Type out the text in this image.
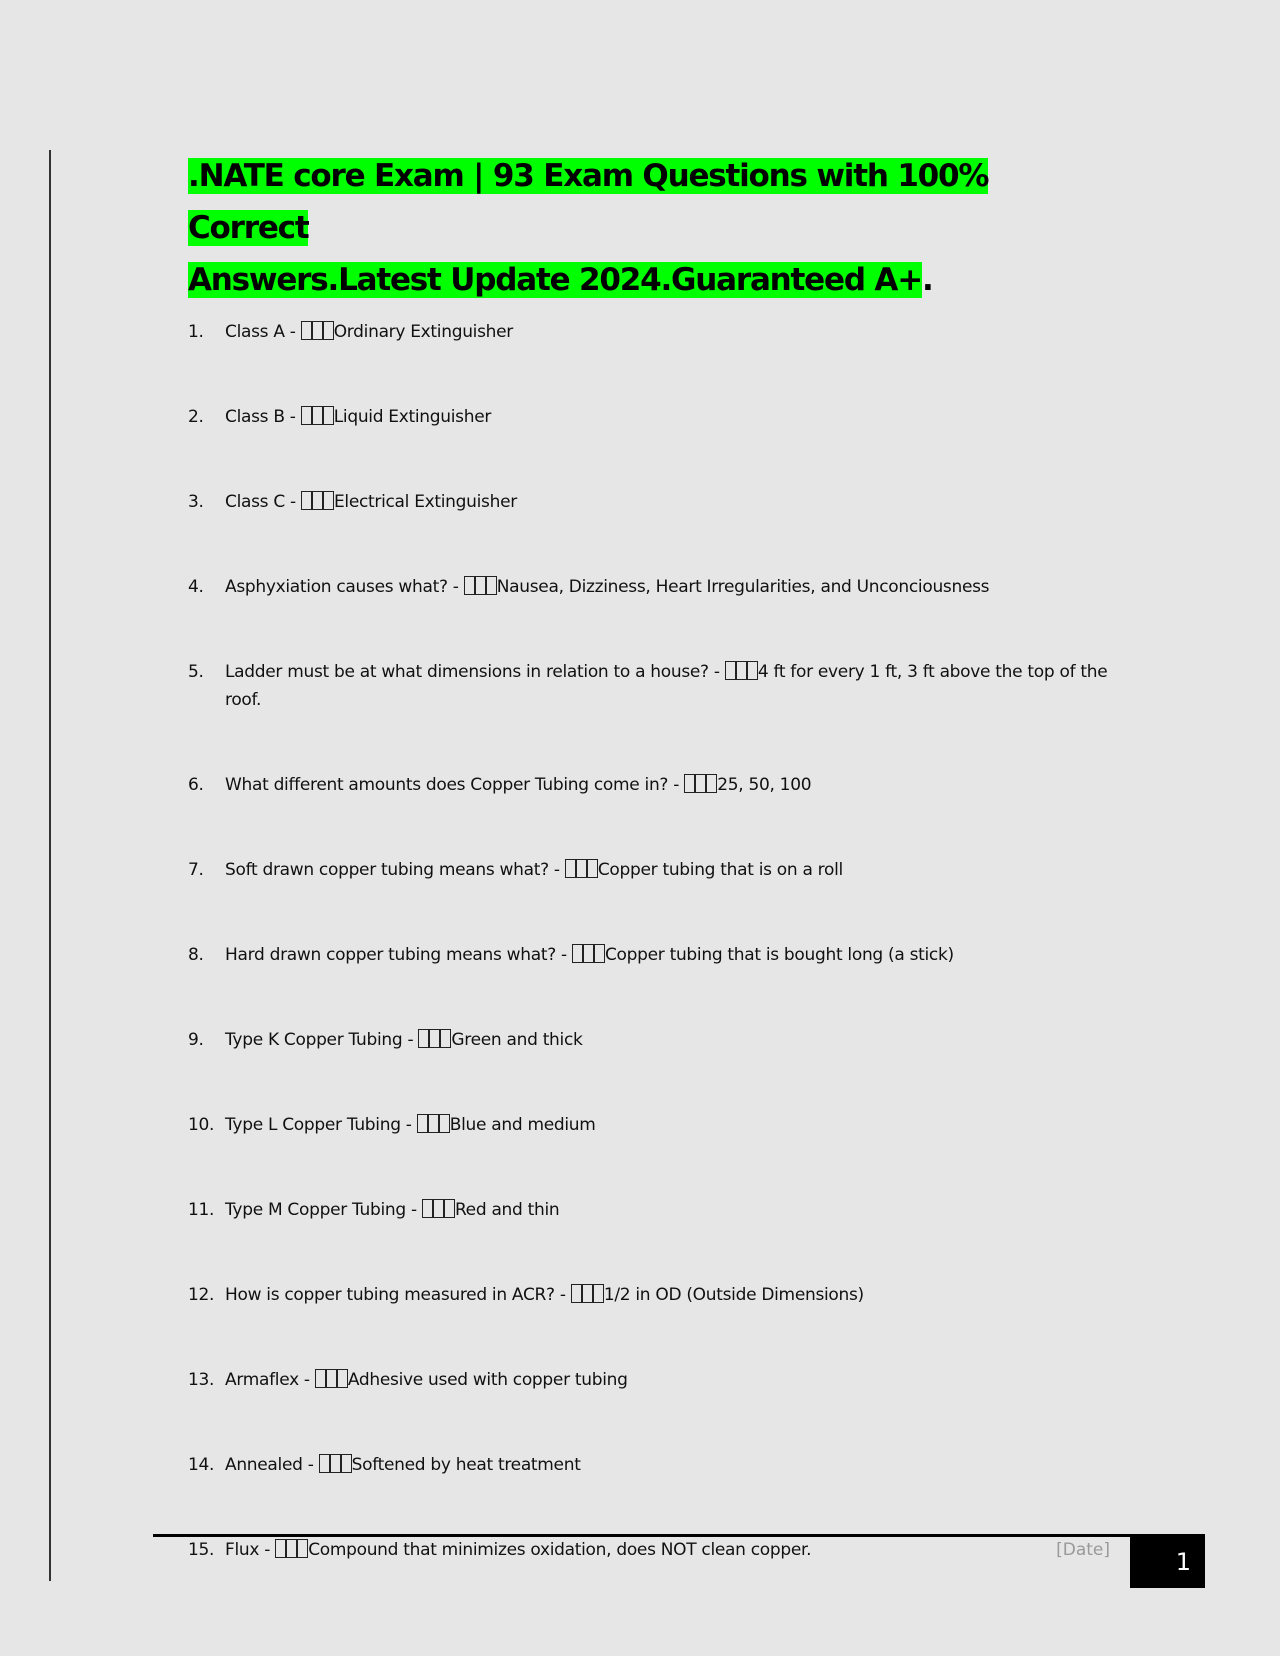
.NATE core Exam | 93 Exam Questions with 100% Correct
Answers.Latest Update 2024.Guaranteed A+.
1.	Class A - Ordinary Extinguisher
2.	Class B - Liquid Extinguisher
3.	Class C - Electrical Extinguisher
4.	Asphyxiation causes what? - Nausea, Dizziness, Heart Irregularities, and Unconciousness
5.	Ladder must be at what dimensions in relation to a house? - 4 ft for every 1 ft, 3 ft above the top of the roof.
6.	What different amounts does Copper Tubing come in? - 25, 50, 100
7.	Soft drawn copper tubing means what? - Copper tubing that is on a roll
8.	Hard drawn copper tubing means what? - Copper tubing that is bought long (a stick)
9.	Type K Copper Tubing - Green and thick
10. Type L Copper Tubing - Blue and medium
11. Type M Copper Tubing - Red and thin
12. How is copper tubing measured in ACR? - 1/2 in OD (Outside Dimensions)
13. Armaflex - Adhesive used with copper tubing
14. Annealed - Softened by heat treatment
15. Flux - Compound that minimizes oxidation, does NOT clean copper.	[Date]	1
